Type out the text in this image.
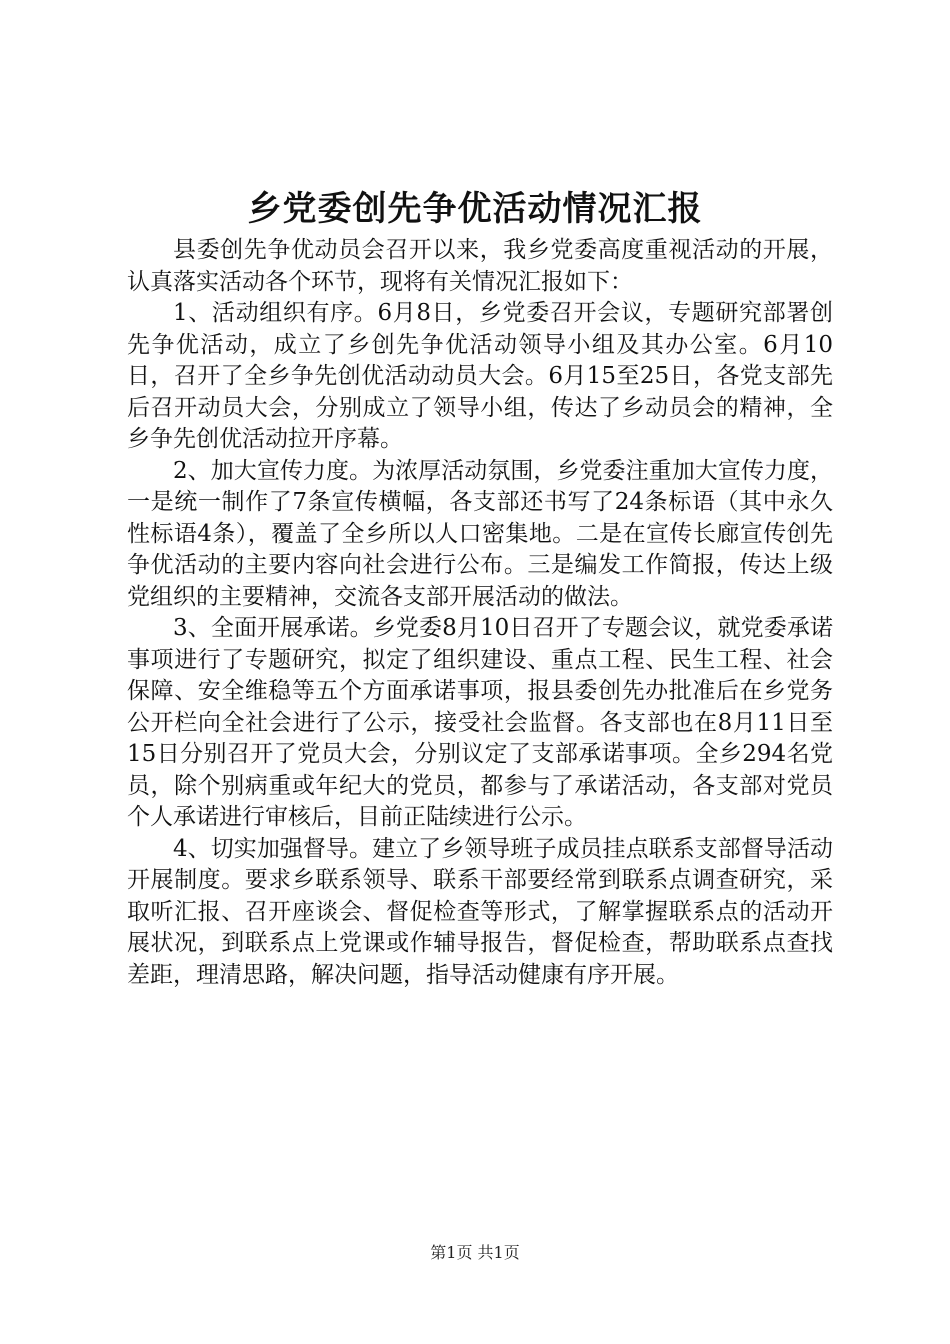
乡党委创先争优活动情况汇报

县委创先争优动员会召开以来，我乡党委高度重视活动的开展，认真落实活动各个环节，现将有关情况汇报如下：

1、活动组织有序。6月8日，乡党委召开会议，专题研究部署创先争优活动，成立了乡创先争优活动领导小组及其办公室。6月10日，召开了全乡争先创优活动动员大会。6月15至25日，各党支部先后召开动员大会，分别成立了领导小组，传达了乡动员会的精神，全乡争先创优活动拉开序幕。

2、加大宣传力度。为浓厚活动氛围，乡党委注重加大宣传力度，一是统一制作了7条宣传横幅，各支部还书写了24条标语（其中永久性标语4条），覆盖了全乡所以人口密集地。二是在宣传长廊宣传创先争优活动的主要内容向社会进行公布。三是编发工作简报，传达上级党组织的主要精神，交流各支部开展活动的做法。

3、全面开展承诺。乡党委8月10日召开了专题会议，就党委承诺事项进行了专题研究，拟定了组织建设、重点工程、民生工程、社会保障、安全维稳等五个方面承诺事项，报县委创先办批准后在乡党务公开栏向全社会进行了公示，接受社会监督。各支部也在8月11日至15日分别召开了党员大会，分别议定了支部承诺事项。全乡294名党员，除个别病重或年纪大的党员，都参与了承诺活动，各支部对党员个人承诺进行审核后，目前正陆续进行公示。

4、切实加强督导。建立了乡领导班子成员挂点联系支部督导活动开展制度。要求乡联系领导、联系干部要经常到联系点调查研究，采取听汇报、召开座谈会、督促检查等形式，了解掌握联系点的活动开展状况，到联系点上党课或作辅导报告，督促检查，帮助联系点查找差距，理清思路，解决问题，指导活动健康有序开展。

第1页 共1页
